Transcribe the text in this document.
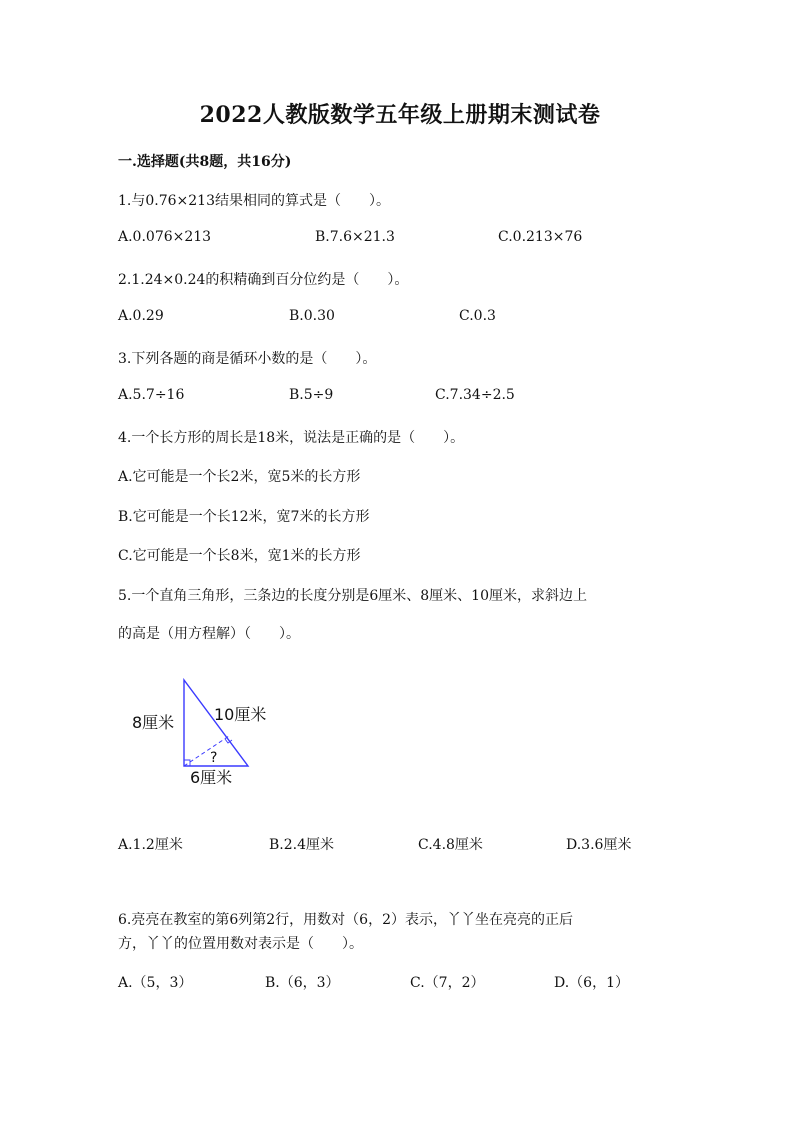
2022人教版数学五年级上册期末测试卷
一.选择题(共8题，共16分)
1.与0.76×213结果相同的算式是（　　）。
A.0.076×213	B.7.6×21.3	C.0.213×76
2.1.24×0.24的积精确到百分位约是（　　）。
A.0.29	B.0.30	C.0.3
3.下列各题的商是循环小数的是（　　）。
A.5.7÷16	B.5÷9	C.7.34÷2.5
4.一个长方形的周长是18米，说法是正确的是（　　）。
A.它可能是一个长2米，宽5米的长方形
B.它可能是一个长12米，宽7米的长方形
C.它可能是一个长8米，宽1米的长方形
5.一个直角三角形，三条边的长度分别是6厘米、8厘米、10厘米，求斜边上
的高是（用方程解）（　　）。
8厘米 10厘米
6厘米
?
A.1.2厘米	B.2.4厘米	C.4.8厘米	D.3.6厘米
6.亮亮在教室的第6列第2行，用数对（6，2）表示，丫丫坐在亮亮的正后
方，丫丫的位置用数对表示是（　　）。
A.（5，3）	B.（6，3）	C.（7，2）	D.（6，1）
